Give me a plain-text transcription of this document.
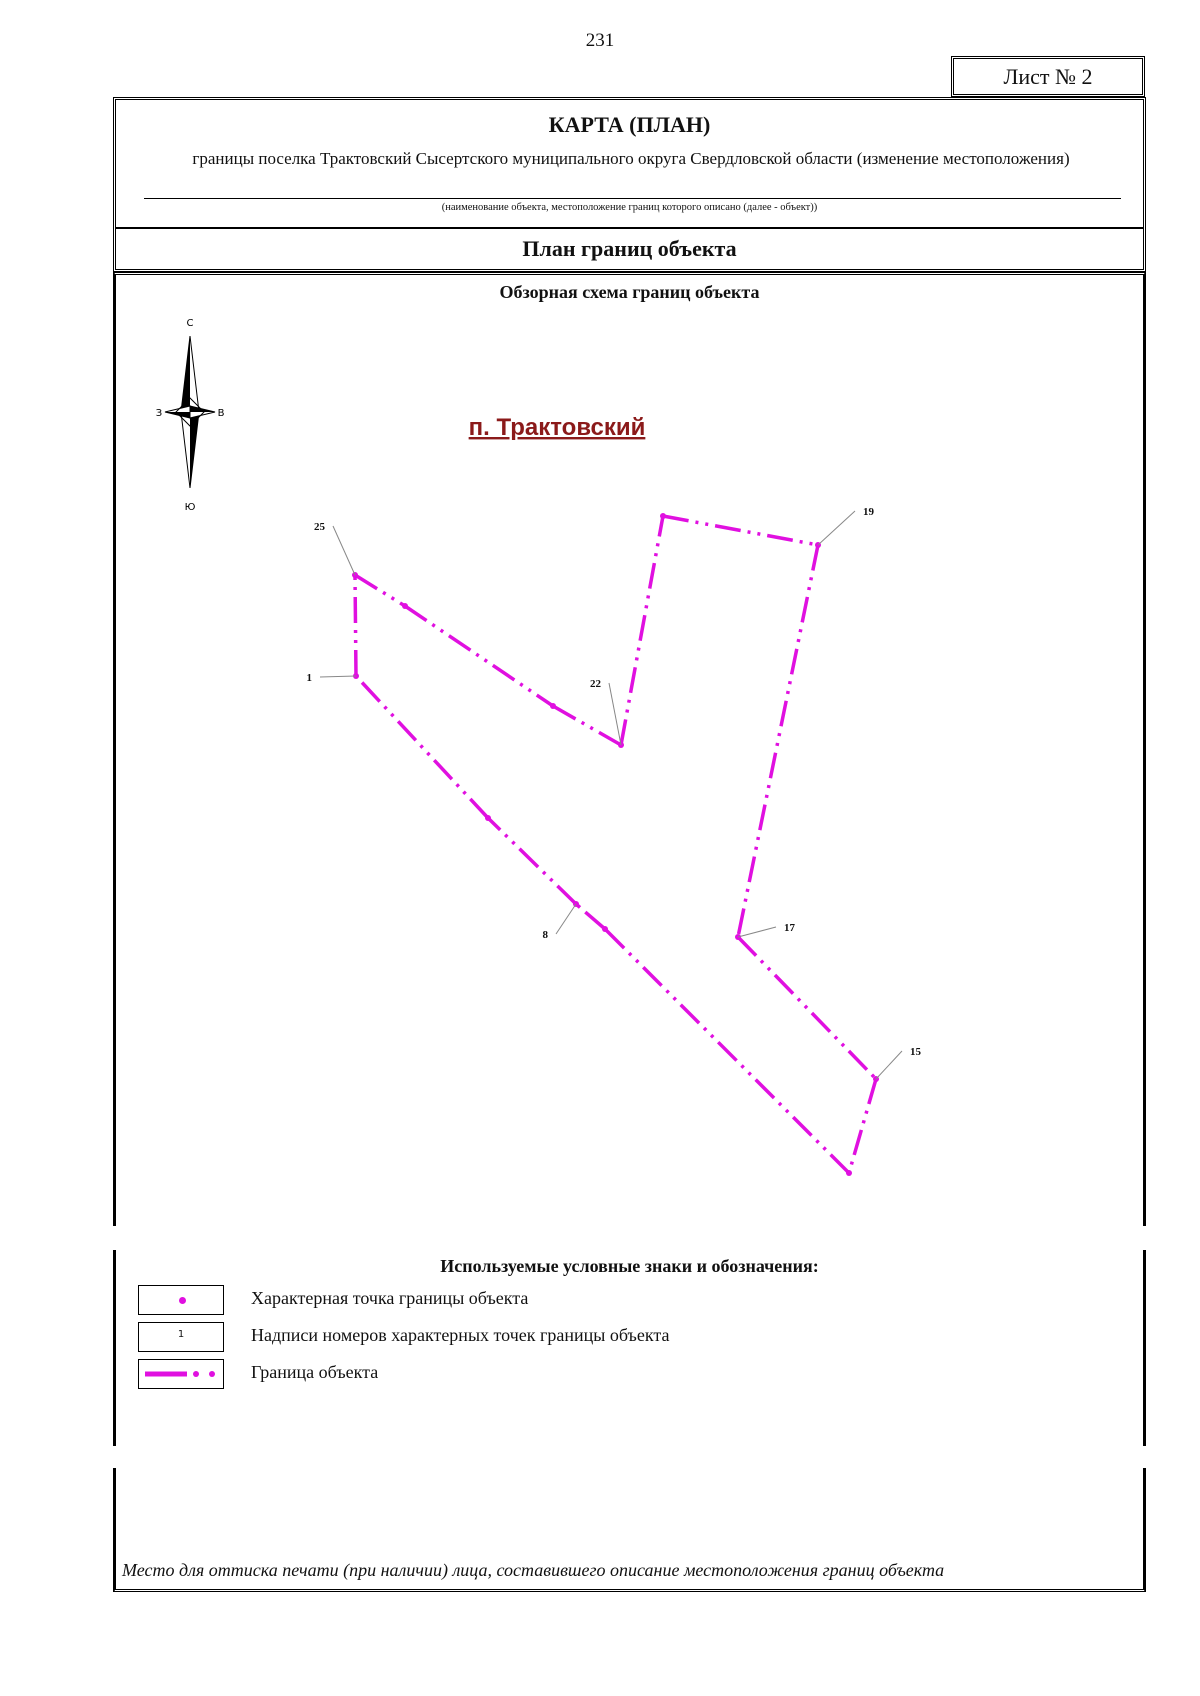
231
Лист № 2
КАРТА (ПЛАН)
границы поселка Трактовский Сысертского муниципального округа Свердловской области (изменение местоположения)
(наименование объекта, местоположение границ которого описано (далее - объект))
План границ объекта
Обзорная схема границ объекта
С
Ю
З	В
п. Трактовский
1
25
22
19
17
15
8
Используемые условные знаки и обозначения:
Характерная точка границы объекта
1	Надписи номеров характерных точек границы объекта
Граница объекта
Место для оттиска печати (при наличии) лица, составившего описание местоположения границ объекта
